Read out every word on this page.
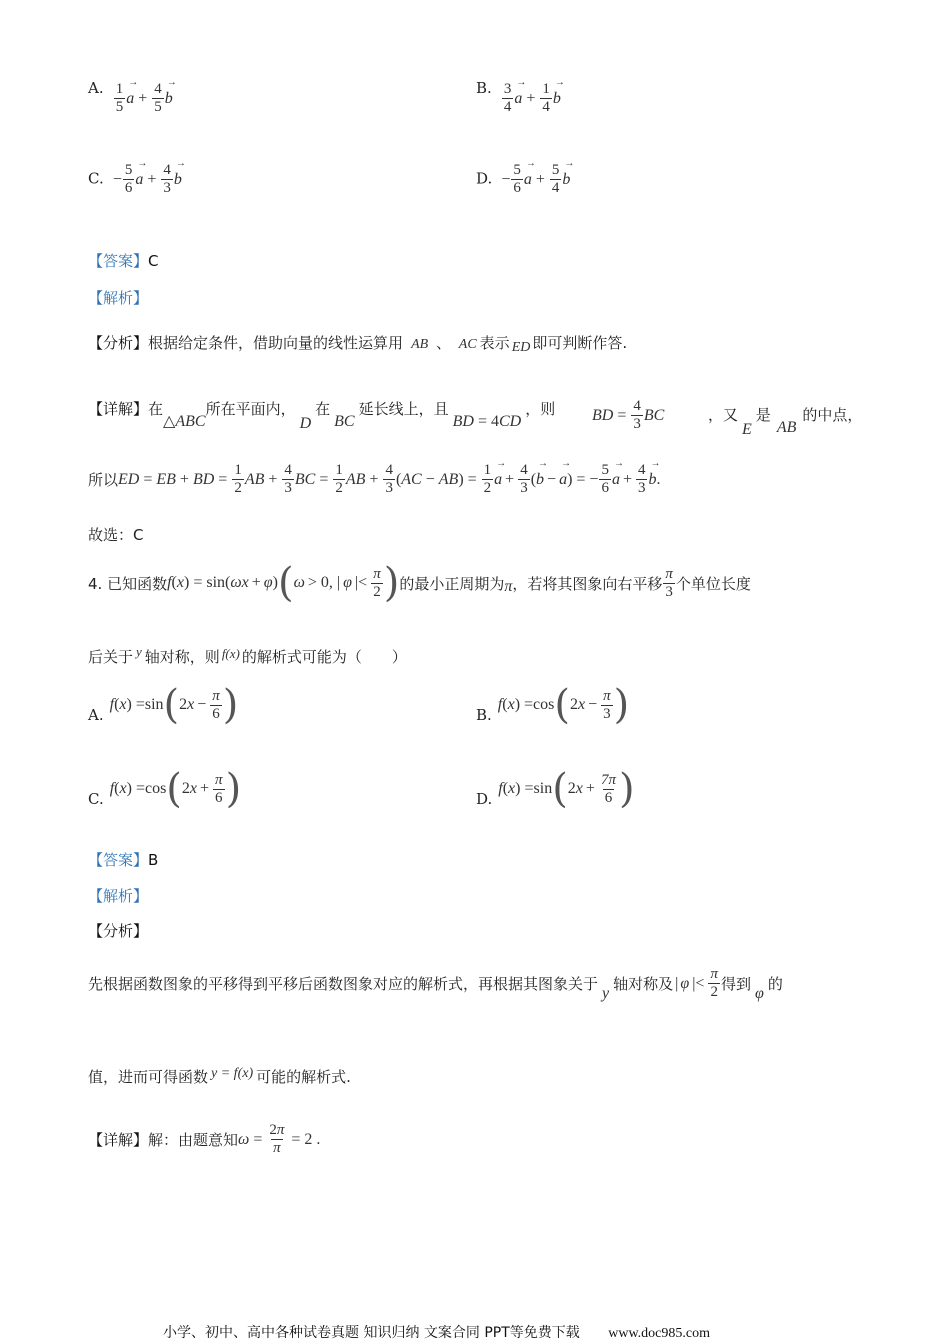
A. $\frac{1}{5}$
→ $a + \frac{4}{5}$
→ b
B. $\frac{3}{4}$
→ $a + \frac{1}{4}$
→ b
C. − $\frac{5}{6}$
→ $a + \frac{4}{3}$
→ b	D. − $\frac{5}{6}$
→ $a + \frac{5}{4}$
→ b
【答案】C
【解析】
【分析】根据给定条件，借助向量的线性运算用 AB 、 AC 表示 ED 即可判断作答.
【详解】在△ABC所在平面内，D在BC延长线上，且BD = 4CD，则 BD = $\frac{4}{3}$ BC	，又E是AB的中点，
所以 ED = EB + BD = $\frac{1}{2}$ AB + $\frac{4}{3}$ BC = $\frac{1}{2}$ AB + $\frac{4}{3}$ ( AC − AB ) = $\frac{1}{2}$
→ $a + \frac{4}{3}$ (
→ b −
→ a ) = − $\frac{5}{6}$
→ $a + \frac{4}{3}$
→ b .
故选：C
4. 已知函数 f ( x ) = sin( ωx + φ ) ( ω > 0, | φ |< $\frac{\pi}{2}$ ) 的最小正周期为 π ，若将其图象向右平移 $\frac{\pi}{3}$ 个单位长度
后关于 $^y$ 轴对称，则 $^{f(x)}$ 的解析式可能为（　　）
A.
f ( x ) = sin ( 2 $x - \frac{\pi}{6}$ )	B.
f ( x ) = cos ( 2 $x - \frac{\pi}{3}$ )
C.
f ( x ) = cos ( 2 $x + \frac{\pi}{6}$ )	D.
f ( x ) = sin ( 2 $x + \frac{7\pi}{6}$ )
【答案】B
【解析】
【分析】
先根据函数图象的平移得到平移后函数图象对应的解析式，再根据其图象关于 y 轴对称及 | φ |< $\frac{\pi}{2}$ 得到 φ 的
值，进而可得函数 y = f(x) 可能的解析式.
【详解】 解：由题意知 $\omega = \frac{2\pi}{\pi} = 2$ .
小学、初中、高中各种试卷真题 知识归纳 文案合同 PPT等免费下载 www.doc985.com
